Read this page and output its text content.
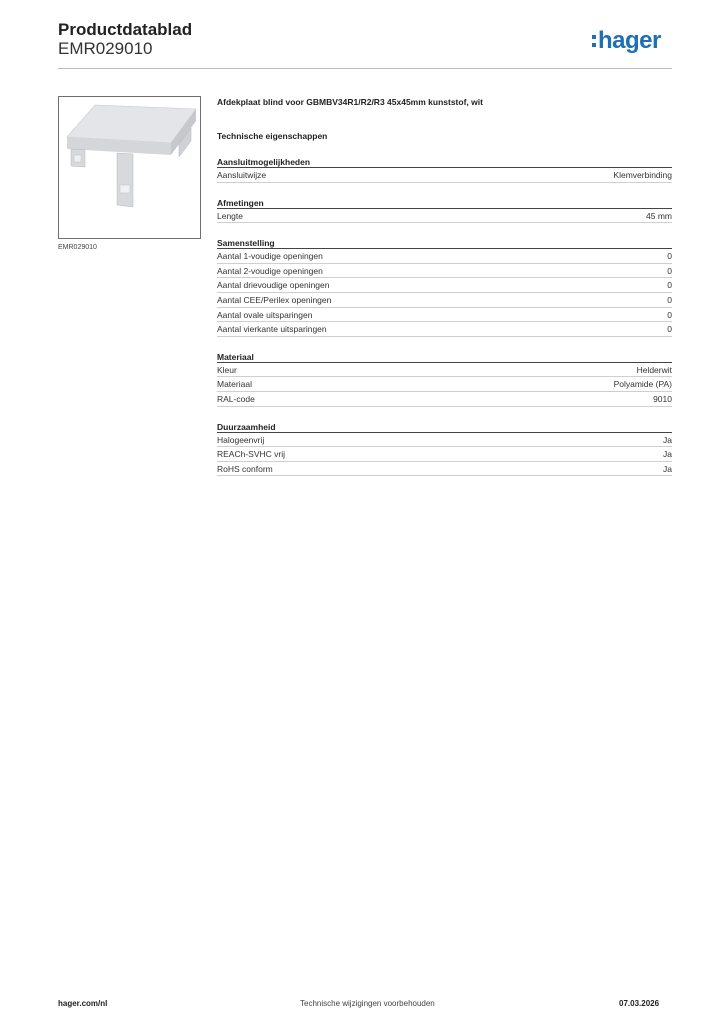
Productdatablad
EMR029010	hager
EMR029010
Afdekplaat blind voor GBMBV34R1/R2/R3 45x45mm kunststof, wit
Technische eigenschappen
Aansluitmogelijkheden
Aansluitwijze	Klemverbinding
Afmetingen
Lengte	45 mm
Samenstelling
Aantal 1-voudige openingen	0
Aantal 2-voudige openingen	0
Aantal drievoudige openingen	0
Aantal CEE/Perilex openingen	0
Aantal ovale uitsparingen	0
Aantal vierkante uitsparingen	0
Materiaal
Kleur	Helderwit
Materiaal	Polyamide (PA)
RAL-code	9010
Duurzaamheid
Halogeenvrij	Ja
REACh-SVHC vrij	Ja
RoHS conform	Ja
hager.com/nl	Technische wijzigingen voorbehouden	07.03.2026
